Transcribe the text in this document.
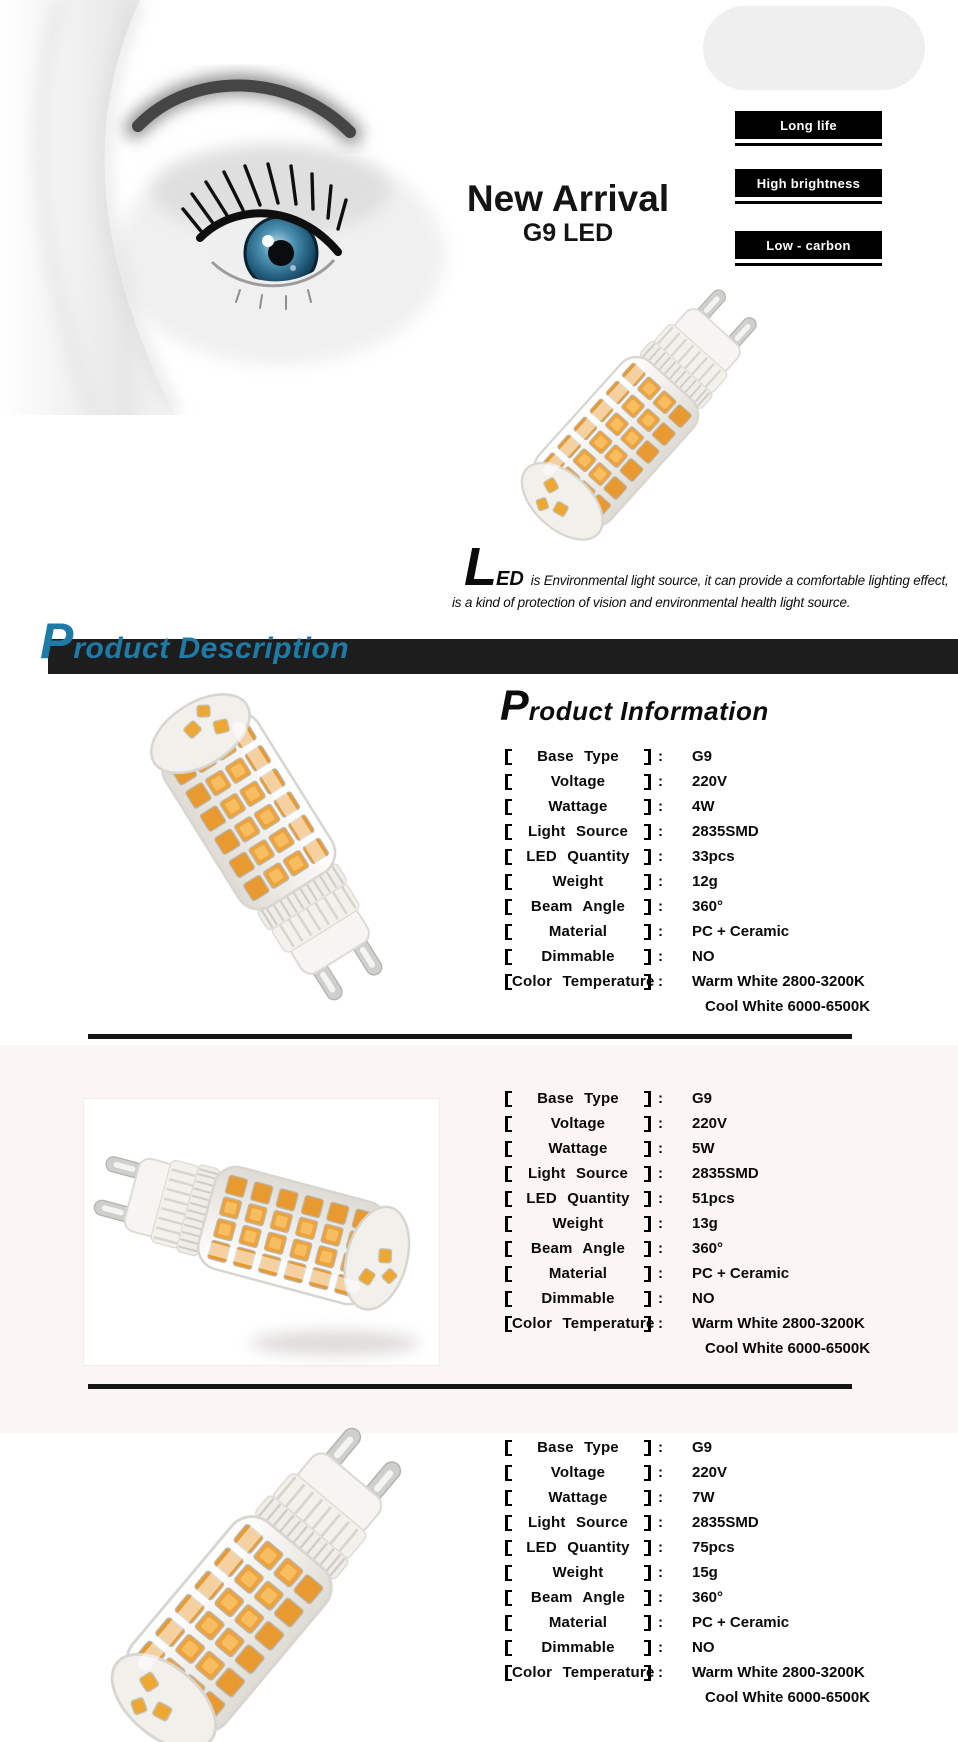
New Arrival
G9 LED
Long life
High brightness
Low - carbon
LED is Environmental light source, it can provide a comfortable lighting effect,
is a kind of protection of vision and environmental health light source.
Product Description
Product Information
Base Type	: G9
Voltage	: 220V
Wattage	: 4W
Light Source	: 2835SMD
LED Quantity	: 33pcs
Weight	: 12g
Beam Angle	: 360°
Material	: PC + Ceramic
Dimmable	: NO
Color Temperature : Warm White 2800-3200K
Cool White 6000-6500K
Base Type	: G9
Voltage	: 220V
Wattage	: 5W
Light Source	: 2835SMD
LED Quantity	: 51pcs
Weight	: 13g
Beam Angle	: 360°
Material	: PC + Ceramic
Dimmable	: NO
Color Temperature : Warm White 2800-3200K
Cool White 6000-6500K
Base Type	: G9
Voltage	: 220V
Wattage	: 7W
Light Source	: 2835SMD
LED Quantity	: 75pcs
Weight	: 15g
Beam Angle	: 360°
Material	: PC + Ceramic
Dimmable	: NO
Color Temperature : Warm White 2800-3200K
Cool White 6000-6500K
